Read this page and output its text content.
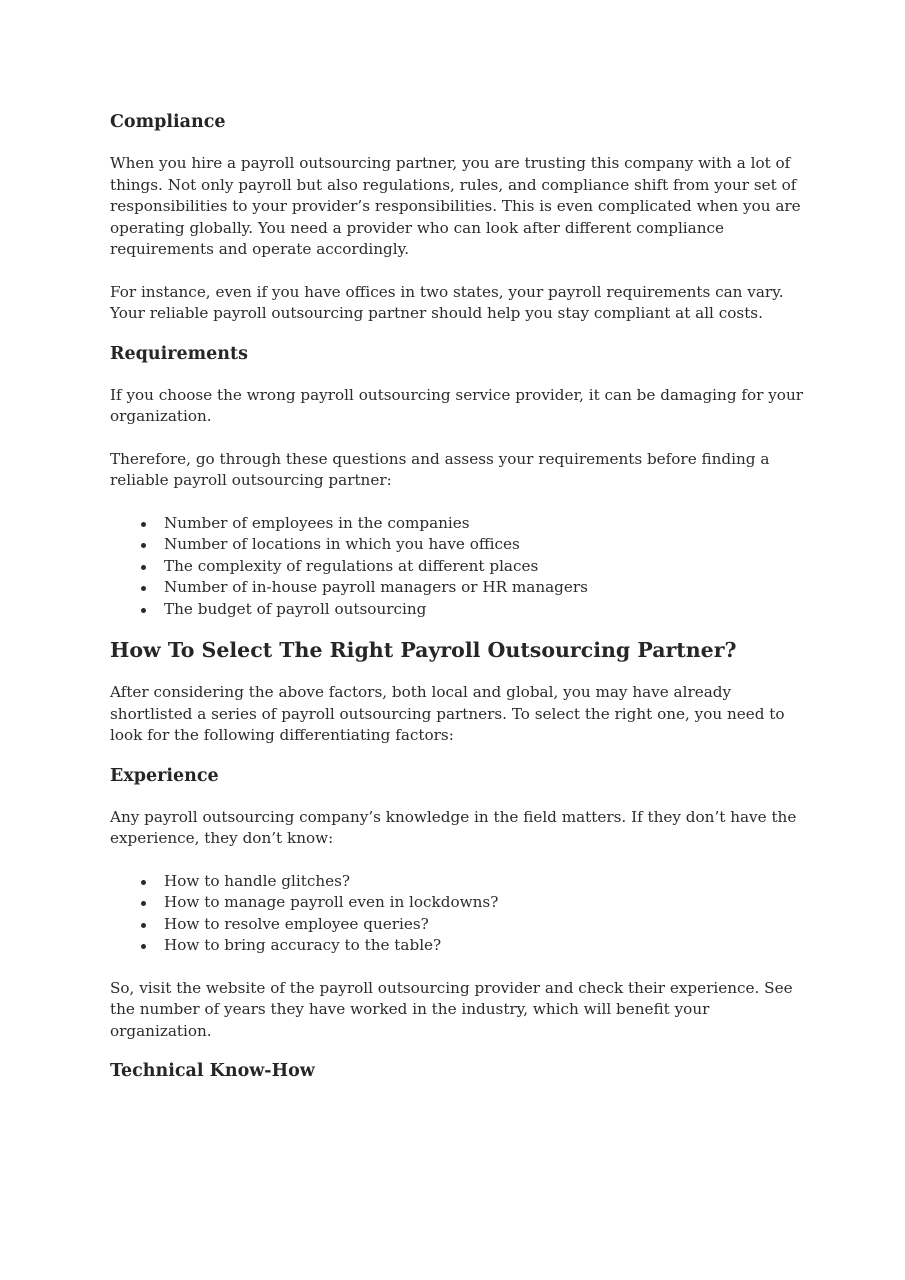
Compliance

When you hire a payroll outsourcing partner, you are trusting this company with a lot of things. Not only payroll but also regulations, rules, and compliance shift from your set of responsibilities to your provider’s responsibilities. This is even complicated when you are operating globally. You need a provider who can look after different compliance requirements and operate accordingly.

For instance, even if you have offices in two states, your payroll requirements can vary. Your reliable payroll outsourcing partner should help you stay compliant at all costs.

Requirements

If you choose the wrong payroll outsourcing service provider, it can be damaging for your organization.

Therefore, go through these questions and assess your requirements before finding a reliable payroll outsourcing partner:

Number of employees in the companies
Number of locations in which you have offices
The complexity of regulations at different places
Number of in-house payroll managers or HR managers
The budget of payroll outsourcing
How To Select The Right Payroll Outsourcing Partner?

After considering the above factors, both local and global, you may have already shortlisted a series of payroll outsourcing partners. To select the right one, you need to look for the following differentiating factors:

Experience

Any payroll outsourcing company’s knowledge in the field matters. If they don’t have the experience, they don’t know:

How to handle glitches?
How to manage payroll even in lockdowns?
How to resolve employee queries?
How to bring accuracy to the table?

So, visit the website of the payroll outsourcing provider and check their experience. See the number of years they have worked in the industry, which will benefit your organization.

Technical Know-How
